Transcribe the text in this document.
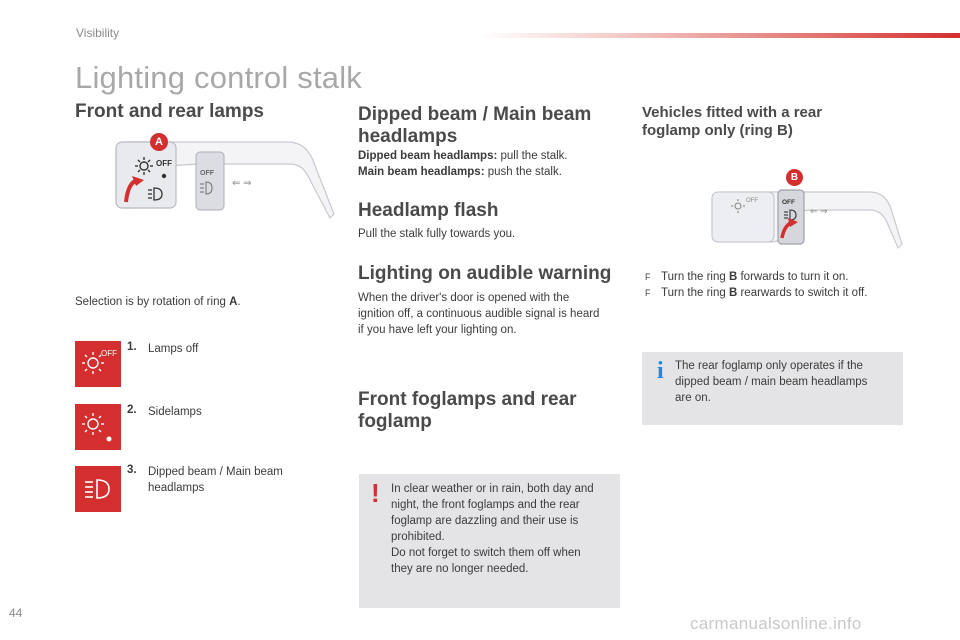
Visibility
Lighting control stalk
Front and rear lamps
OFF
OFF
⇐ ⇒
A
Selection is by rotation of ring A.
OFF
1. Lamps off
2. Sidelamps
3. Dipped beam / Main beam
headlamps
Dipped beam / Main beam
headlamps
Dipped beam headlamps: pull the stalk.
Main beam headlamps: push the stalk.
Headlamp flash
Pull the stalk fully towards you.
Lighting on audible warning
When the driver's door is opened with the
ignition off, a continuous audible signal is heard
if you have left your lighting on.
Front foglamps and rear
foglamp
! In clear weather or in rain, both day and
night, the front foglamps and the rear
foglamp are dazzling and their use is
prohibited.
Do not forget to switch them off when
they are no longer needed.
Vehicles fitted with a rear
foglamp only (ring B)
OFF	OFF
⇐ ⇒
B
F Turn the ring B forwards to turn it on.
F Turn the ring B rearwards to switch it off.
i The rear foglamp only operates if the
dipped beam / main beam headlamps
are on.
44
carmanualsonline.info
